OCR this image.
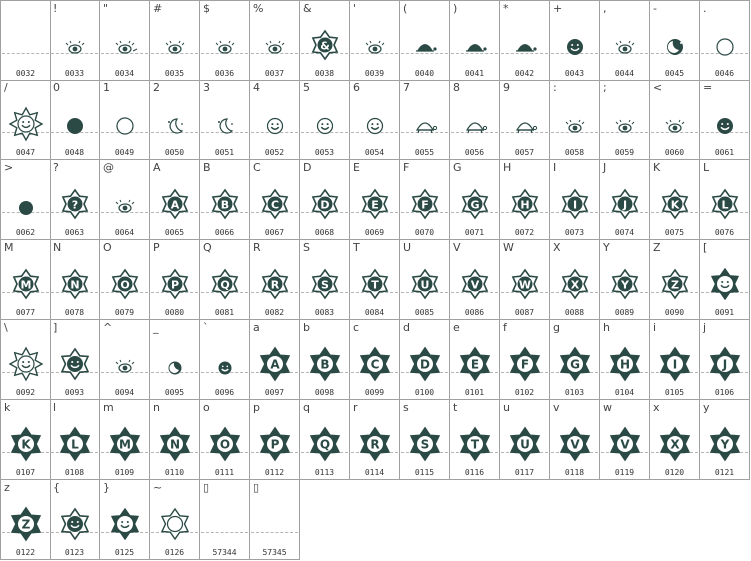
0032
!
0033
"
0034
#
0035
$
0036
%
0037
&
&
0038
'
0039
(
0040
)
0041
*
0042
+
0043
,
0044
-
0045
.
0046
/
0047
0
0048
1
0049
2
0050
3
0051
4
0052
5
0053
6
0054
7
0055
8
0056
9
0057
:
0058
;
0059
<
0060
=
0061
>
0062
?
?
0063
@
0064
A
A
0065
B
B
0066
C
C
0067
D
D
0068
E
E
0069
F
F
0070
G
G
0071
H
H
0072
I
I
0073
J
J
0074
K
K
0075
L
L
0076
M
M
0077
N
N
0078
O
O
0079
P
P
0080
Q
Q
0081
R
R
0082
S
S
0083
T
T
0084
U
U
0085
V
V
0086
W
W
0087
X
X
0088
Y
Y
0089
Z
Z
0090
[
0091
\
0092
]
0093
^
0094
_
0095
`
0096
a
A
0097
b
B
0098
c
C
0099
d
D
0100
e
E
0101
f
F
0102
g
G
0103
h
H
0104
i
I
0105
j
J
0106
k
K
0107
l
L
0108
m
M
0109
n
N
0110
o
O
0111
p
P
0112
q
Q
0113
r
R
0114
s
S
0115
t
T
0116
u
U
0117
v
V
0118
w
V
0119
x
X
0120
y
Y
0121
z
Z
0122
{
0123
}
0125
~
0126
▯
57344
▯
57345
